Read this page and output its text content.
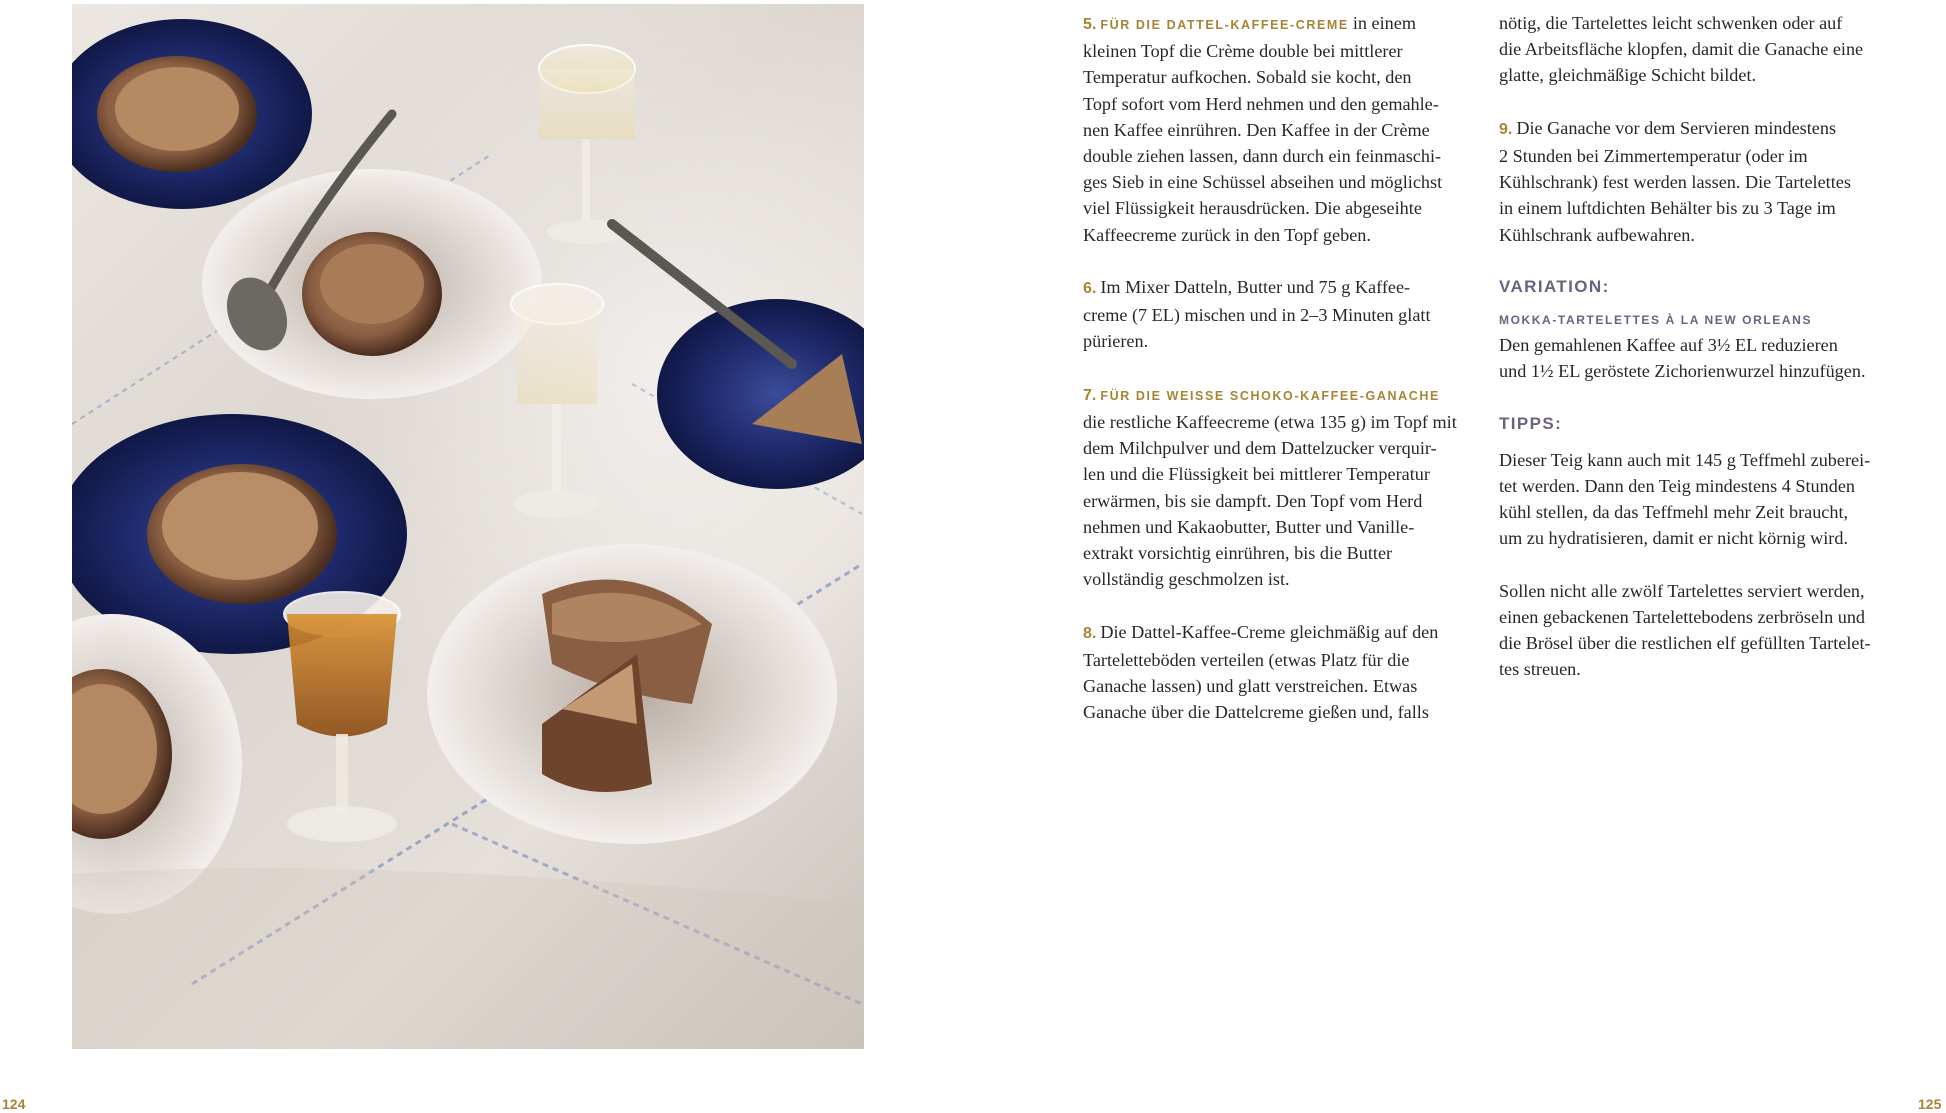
5. FÜR DIE DATTEL-KAFFEE-CREME in einem
kleinen Topf die Crème double bei mittlerer
Temperatur aufkochen. Sobald sie kocht, den
Topf sofort vom Herd nehmen und den gemahle-
nen Kaffee einrühren. Den Kaffee in der Crème
double ziehen lassen, dann durch ein feinmaschi-
ges Sieb in eine Schüssel abseihen und möglichst
viel Flüssigkeit herausdrücken. Die abgeseihte
Kaffeecreme zurück in den Topf geben.

6. Im Mixer Datteln, Butter und 75 g Kaffee-
creme (7 EL) mischen und in 2–3 Minuten glatt
pürieren.

7. FÜR DIE WEISSE SCHOKO-KAFFEE-GANACHE
die restliche Kaffeecreme (etwa 135 g) im Topf mit
dem Milchpulver und dem Dattelzucker verquir-
len und die Flüssigkeit bei mittlerer Temperatur
erwärmen, bis sie dampft. Den Topf vom Herd
nehmen und Kakaobutter, Butter und Vanille-
extrakt vorsichtig einrühren, bis die Butter
vollständig geschmolzen ist.

8. Die Dattel-Kaffee-Creme gleichmäßig auf den
Tarteletteböden verteilen (etwas Platz für die
Ganache lassen) und glatt verstreichen. Etwas
Ganache über die Dattelcreme gießen und, falls

nötig, die Tartelettes leicht schwenken oder auf
die Arbeitsfläche klopfen, damit die Ganache eine
glatte, gleichmäßige Schicht bildet.

9. Die Ganache vor dem Servieren mindestens
2 Stunden bei Zimmertemperatur (oder im
Kühlschrank) fest werden lassen. Die Tartelettes
in einem luftdichten Behälter bis zu 3 Tage im
Kühlschrank aufbewahren.

VARIATION:

MOKKA-TARTELETTES À LA NEW ORLEANS
Den gemahlenen Kaffee auf 3½ EL reduzieren
und 1½ EL geröstete Zichorienwurzel hinzufügen.

TIPPS:

Dieser Teig kann auch mit 145 g Teffmehl zuberei-
tet werden. Dann den Teig mindestens 4 Stunden
kühl stellen, da das Teffmehl mehr Zeit braucht,
um zu hydratisieren, damit er nicht körnig wird.

Sollen nicht alle zwölf Tartelettes serviert werden,
einen gebackenen Tartelettebodens zerbröseln und
die Brösel über die restlichen elf gefüllten Tartelet-
tes streuen.

124	125
